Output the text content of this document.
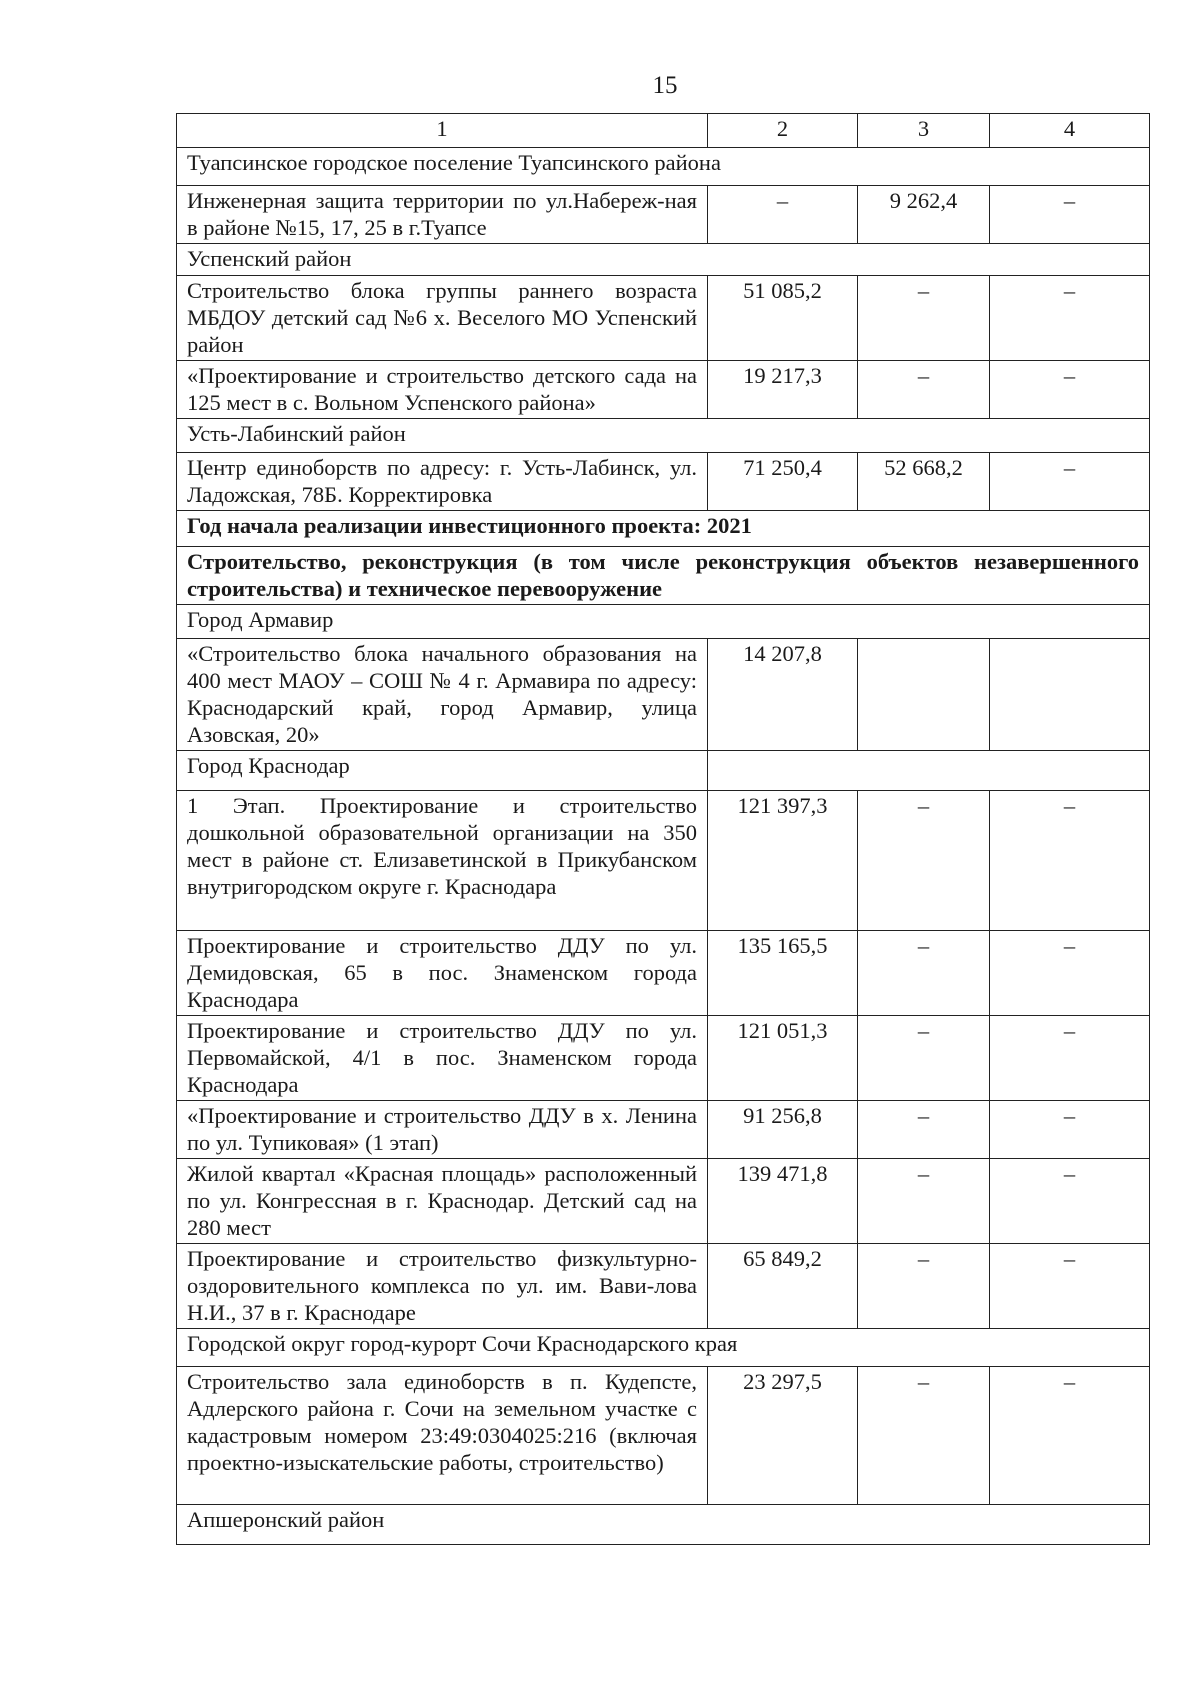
15
1	2	3	4
Туапсинское городское поселение Туапсинского района			
Инженерная защита территории по ул.Набереж-ная в районе №15, 17, 25 в г.Туапсе	–	9 262,4	–
Успенский район			
Строительство блока группы раннего возраста МБДОУ детский сад №6 х. Веселого МО Успенский район	51 085,2	–	–
«Проектирование и строительство детского сада на 125 мест в с. Вольном Успенского района»	19 217,3	–	–
Усть-Лабинский район			
Центр единоборств по адресу: г. Усть-Лабинск, ул. Ладожская, 78Б. Корректировка	71 250,4	52 668,2	–
Год начала реализации инвестиционного проекта: 2021			
Строительство, реконструкция (в том числе реконструкция объектов незавершенного строительства) и техническое перевооружение			
Город Армавир			
«Строительство блока начального образования на 400 мест МАОУ – СОШ № 4 г. Армавира по адресу: Краснодарский край, город Армавир, улица Азовская, 20»	14 207,8		
Город Краснодар			
1 Этап. Проектирование и строительство дошкольной образовательной организации на 350 мест в районе ст. Елизаветинской в Прикубанском внутригородском округе г. Краснодара	121 397,3	–	–
Проектирование и строительство ДДУ по ул. Демидовская, 65 в пос. Знаменском города Краснодара	135 165,5	–	–
Проектирование и строительство ДДУ по ул. Первомайской, 4/1 в пос. Знаменском города Краснодара	121 051,3	–	–
«Проектирование и строительство ДДУ в х. Ленина по ул. Тупиковая» (1 этап)	91 256,8	–	–
Жилой квартал «Красная площадь» расположенный по ул. Конгрессная в г. Краснодар. Детский сад на 280 мест	139 471,8	–	–
Проектирование и строительство физкультурно-оздоровительного комплекса по ул. им. Вави-лова Н.И., 37 в г. Краснодаре	65 849,2	–	–
Городской округ город-курорт Сочи Краснодарского края			
Строительство зала единоборств в п. Кудепсте, Адлерского района г. Сочи на земельном участке с кадастровым номером 23:49:0304025:216 (включая проектно-изыскательские работы, строительство)	23 297,5	–	–
Апшеронский район			
